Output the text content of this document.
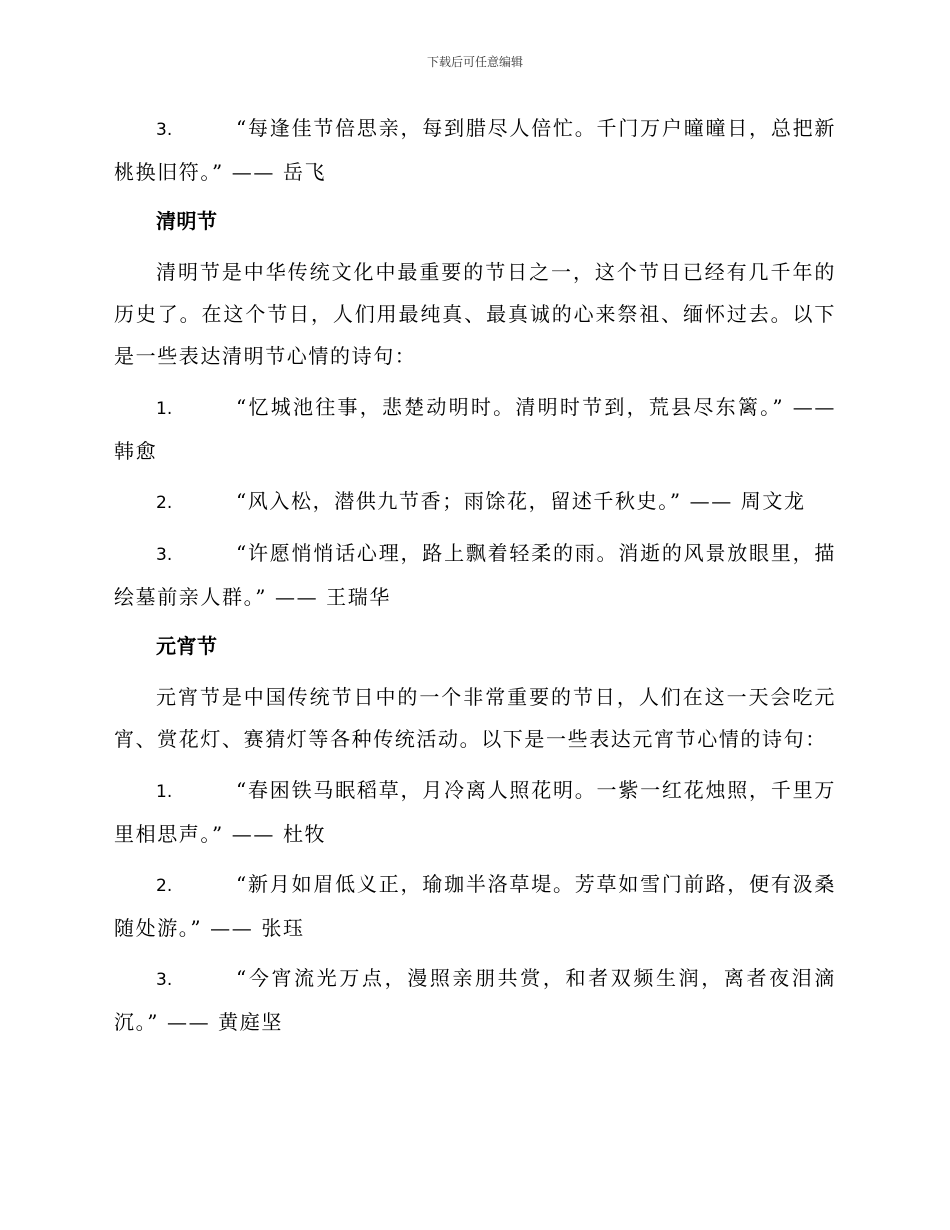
下载后可任意编辑

3.	“每逢佳节倍思亲，每到腊尽人倍忙。千门万户曈曈日，总把新桃换旧符。” —— 岳飞

清明节

清明节是中华传统文化中最重要的节日之一，这个节日已经有几千年的历史了。在这个节日，人们用最纯真、最真诚的心来祭祖、缅怀过去。以下是一些表达清明节心情的诗句：

1.	“忆城池往事，悲楚动明时。清明时节到，荒县尽东篱。” —— 韩愈

2.	“风入松，潜供九节香；雨馀花，留述千秋史。” —— 周文龙

3.	“许愿悄悄话心理，路上飘着轻柔的雨。消逝的风景放眼里，描绘墓前亲人群。” —— 王瑞华

元宵节

元宵节是中国传统节日中的一个非常重要的节日，人们在这一天会吃元宵、赏花灯、赛猜灯等各种传统活动。以下是一些表达元宵节心情的诗句：

1.	“春困铁马眠稻草，月冷离人照花明。一紫一红花烛照，千里万里相思声。” —— 杜牧

2.	“新月如眉低义正，瑜珈半洛草堤。芳草如雪门前路，便有汲桑随处游。” —— 张珏

3.	“今宵流光万点，漫照亲朋共赏，和者双频生润，离者夜泪滴沉。” —— 黄庭坚
